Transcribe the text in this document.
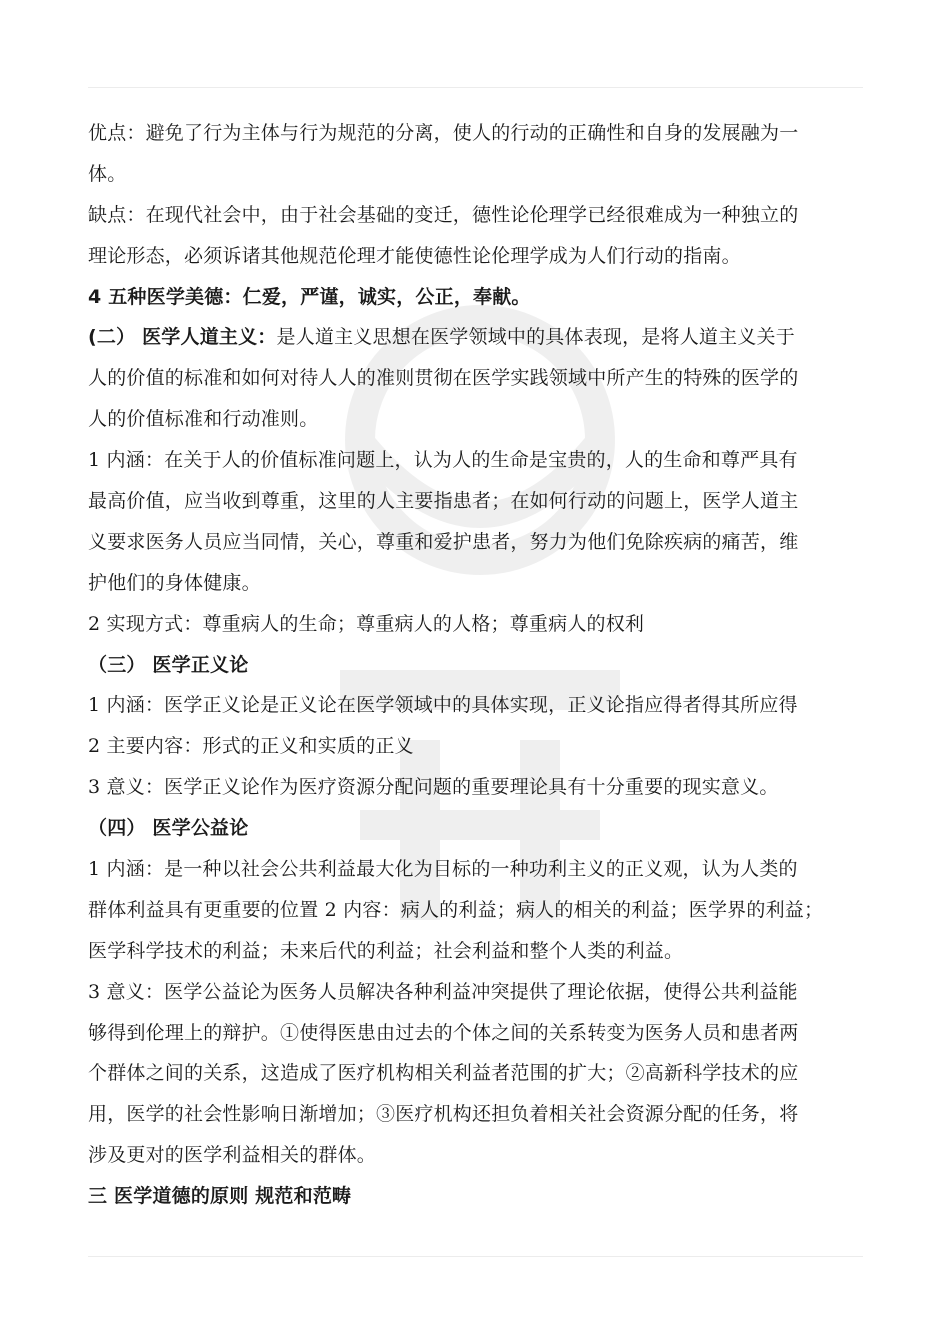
优点：避免了行为主体与行为规范的分离，使人的行动的正确性和自身的发展融为一
体。
缺点：在现代社会中，由于社会基础的变迁，德性论伦理学已经很难成为一种独立的
理论形态，必须诉诸其他规范伦理才能使德性论伦理学成为人们行动的指南。
4 五种医学美德：仁爱，严谨，诚实，公正，奉献。
(二） 医学人道主义：是人道主义思想在医学领域中的具体表现，是将人道主义关于
人的价值的标准和如何对待人人的准则贯彻在医学实践领域中所产生的特殊的医学的
人的价值标准和行动准则。
1 内涵：在关于人的价值标准问题上，认为人的生命是宝贵的，人的生命和尊严具有
最高价值，应当收到尊重，这里的人主要指患者；在如何行动的问题上，医学人道主
义要求医务人员应当同情，关心，尊重和爱护患者，努力为他们免除疾病的痛苦，维
护他们的身体健康。
2 实现方式：尊重病人的生命；尊重病人的人格；尊重病人的权利
（三） 医学正义论
1 内涵：医学正义论是正义论在医学领域中的具体实现，正义论指应得者得其所应得
2 主要内容：形式的正义和实质的正义
3 意义：医学正义论作为医疗资源分配问题的重要理论具有十分重要的现实意义。
（四） 医学公益论
1 内涵：是一种以社会公共利益最大化为目标的一种功利主义的正义观，认为人类的
群体利益具有更重要的位置 2 内容：病人的利益；病人的相关的利益；医学界的利益；
医学科学技术的利益；未来后代的利益；社会利益和整个人类的利益。
3 意义：医学公益论为医务人员解决各种利益冲突提供了理论依据，使得公共利益能
够得到伦理上的辩护。①使得医患由过去的个体之间的关系转变为医务人员和患者两
个群体之间的关系，这造成了医疗机构相关利益者范围的扩大；②高新科学技术的应
用，医学的社会性影响日渐增加；③医疗机构还担负着相关社会资源分配的任务，将
涉及更对的医学利益相关的群体。
三 医学道德的原则 规范和范畴
